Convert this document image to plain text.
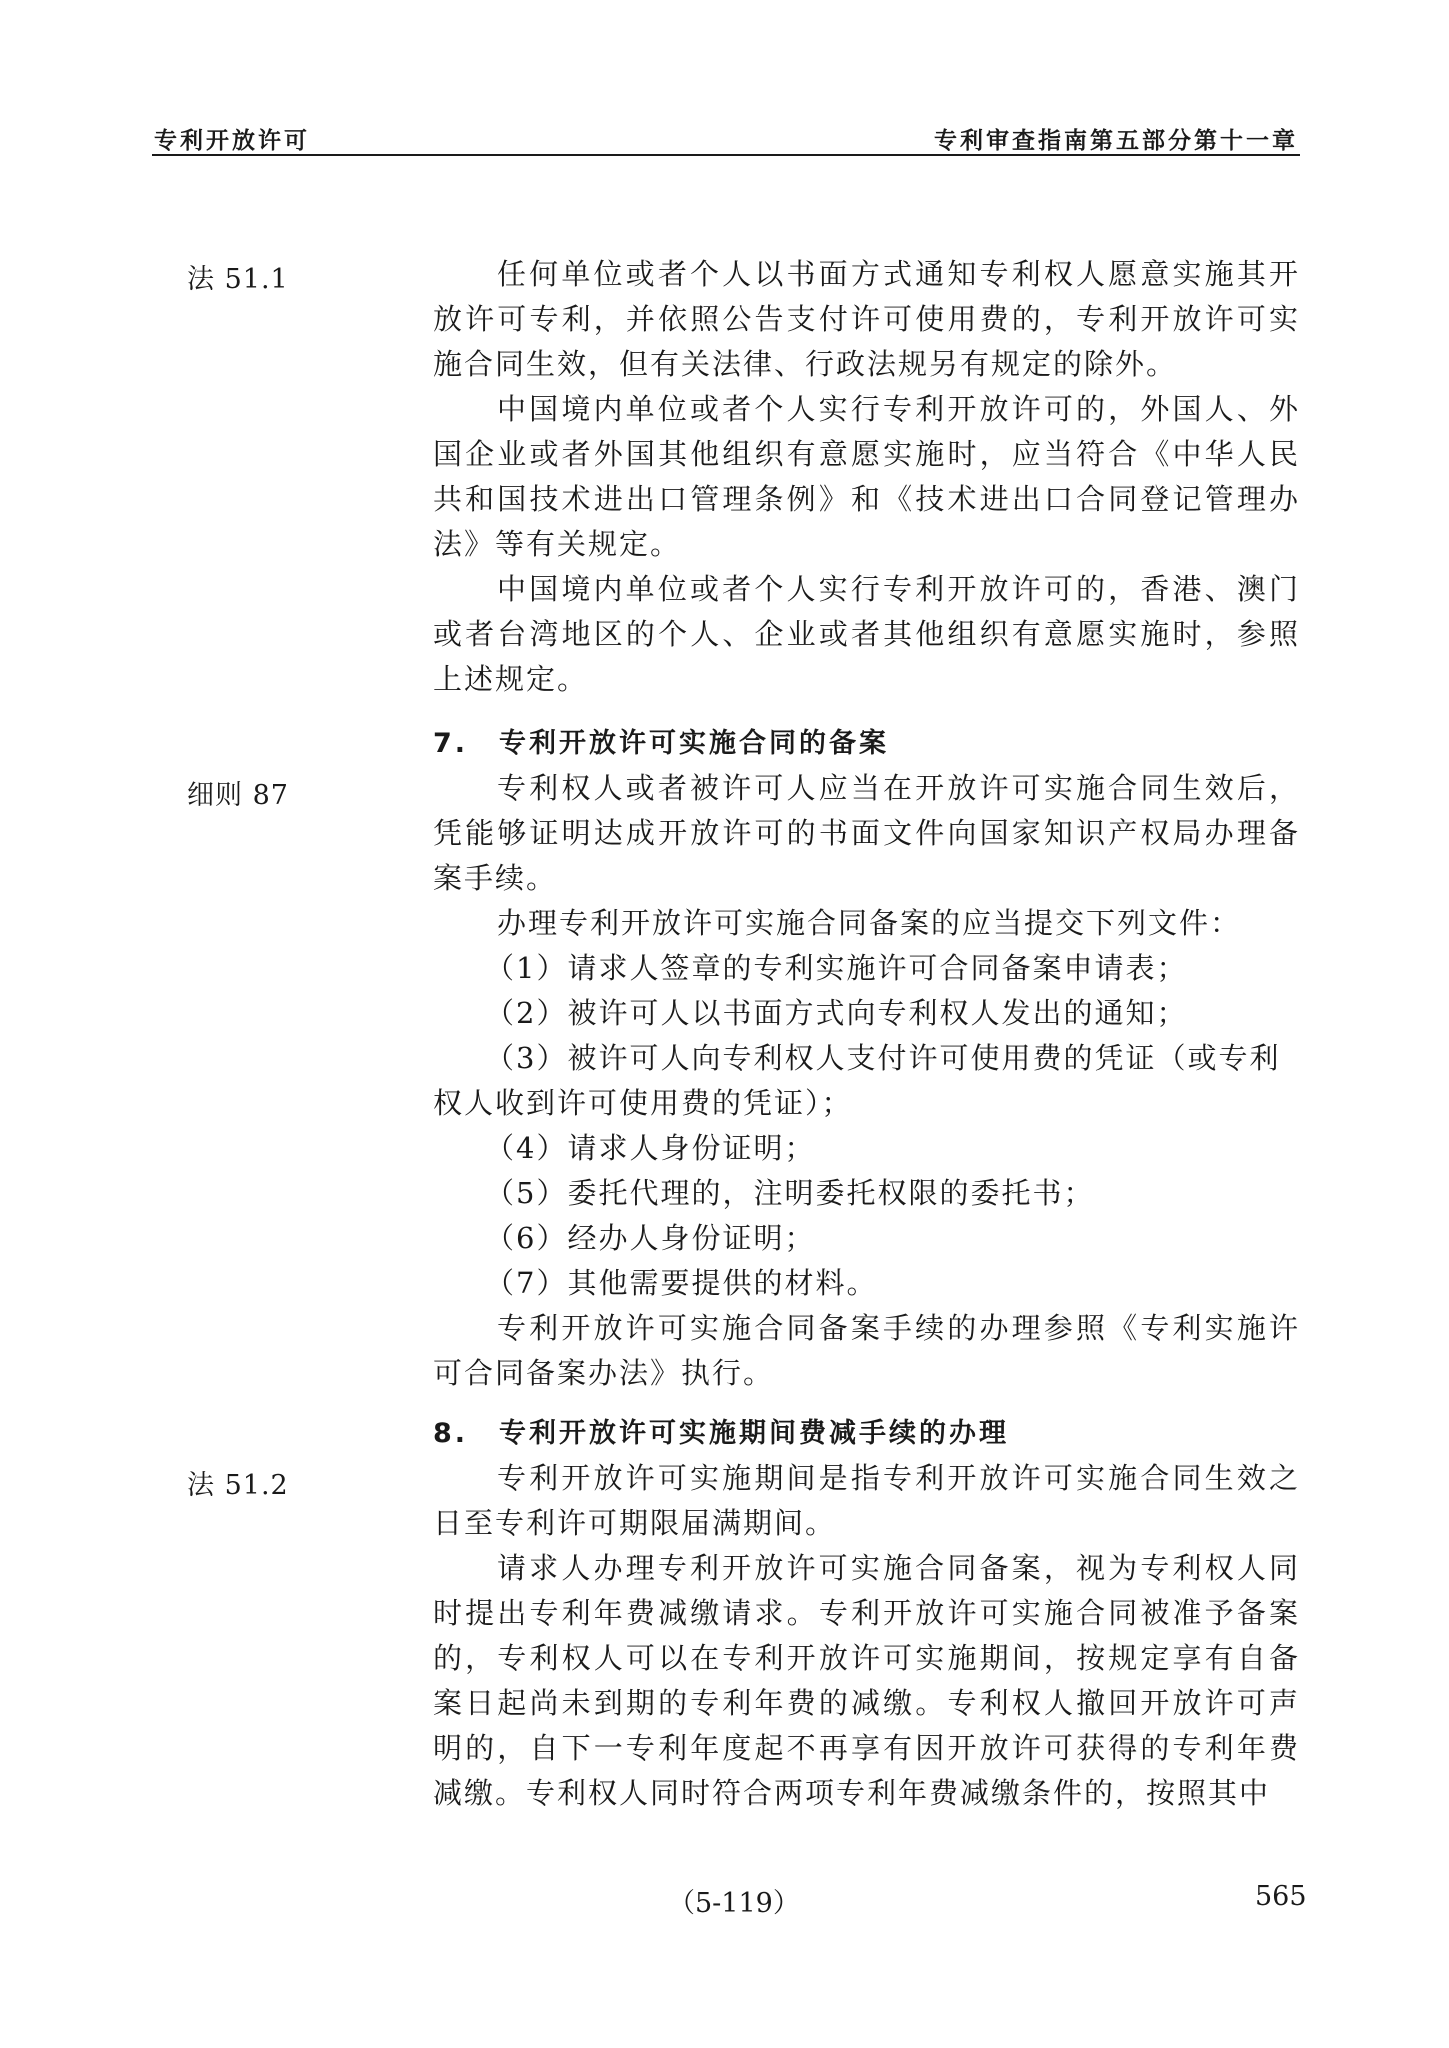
专利开放许可	专利审查指南第五部分第十一章
法 51.1	任何单位或者个人以书面方式通知专利权人愿意实施其开放许可专利，并依照公告支付许可使用费的，专利开放许可实施合同生效，但有关法律、行政法规另有规定的除外。

中国境内单位或者个人实行专利开放许可的，外国人、外国企业或者外国其他组织有意愿实施时，应当符合《中华人民共和国技术进出口管理条例》和《技术进出口合同登记管理办法》等有关规定。

中国境内单位或者个人实行专利开放许可的，香港、澳门或者台湾地区的个人、企业或者其他组织有意愿实施时，参照上述规定。

7. 专利开放许可实施合同的备案
细则 87	专利权人或者被许可人应当在开放许可实施合同生效后，凭能够证明达成开放许可的书面文件向国家知识产权局办理备案手续。

办理专利开放许可实施合同备案的应当提交下列文件：

（1）请求人签章的专利实施许可合同备案申请表；

（2）被许可人以书面方式向专利权人发出的通知；

（3）被许可人向专利权人支付许可使用费的凭证（或专利权人收到许可使用费的凭证）；

（4）请求人身份证明；

（5）委托代理的，注明委托权限的委托书；

（6）经办人身份证明；

（7）其他需要提供的材料。

专利开放许可实施合同备案手续的办理参照《专利实施许可合同备案办法》执行。

8. 专利开放许可实施期间费减手续的办理
法 51.2	专利开放许可实施期间是指专利开放许可实施合同生效之日至专利许可期限届满期间。

请求人办理专利开放许可实施合同备案，视为专利权人同时提出专利年费减缴请求。专利开放许可实施合同被准予备案的，专利权人可以在专利开放许可实施期间，按规定享有自备案日起尚未到期的专利年费的减缴。专利权人撤回开放许可声明的，自下一专利年度起不再享有因开放许可获得的专利年费减缴。专利权人同时符合两项专利年费减缴条件的，按照其中

（5-119）	565
